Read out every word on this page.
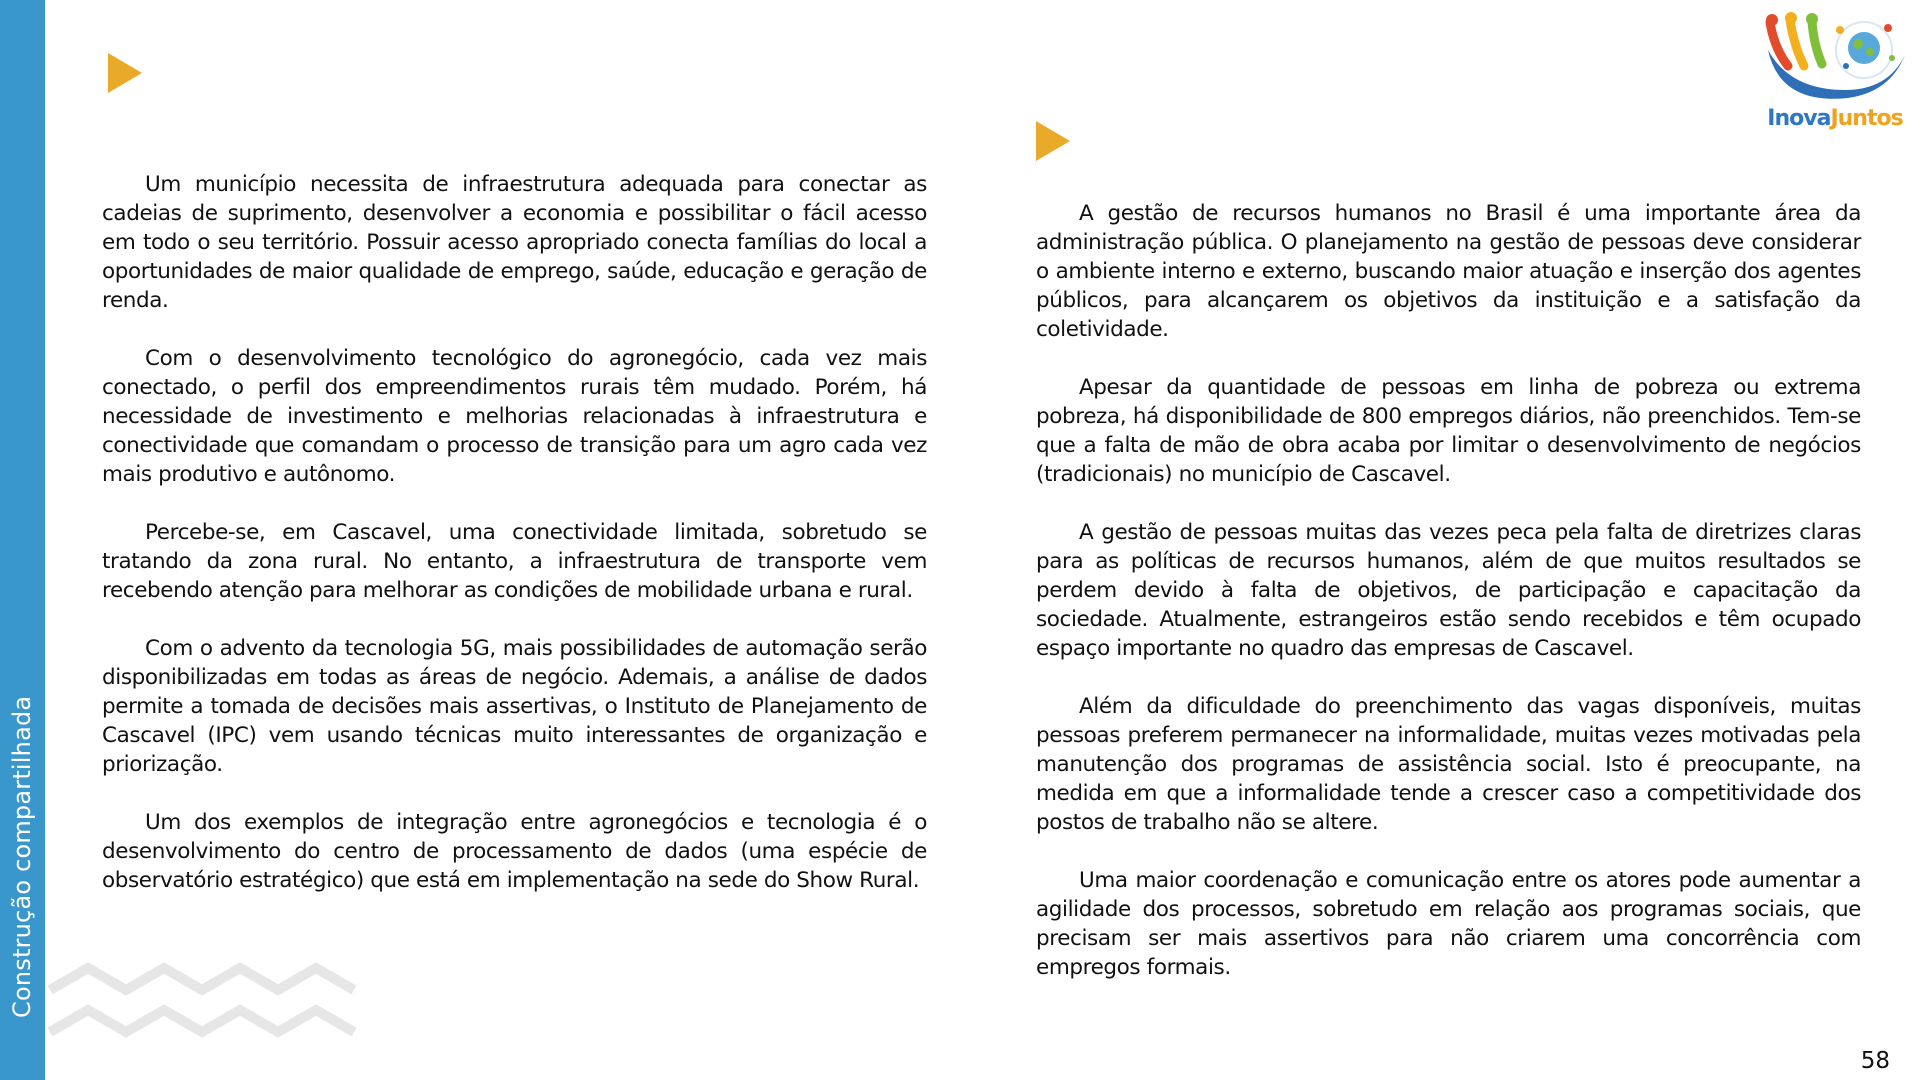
Construção compartilhada
InovaJuntos

Um município necessita de infraestrutura adequada para conectar as cadeias de suprimento, desenvolver a economia e possibilitar o fácil acesso em todo o seu território. Possuir acesso apropriado conecta famílias do local a oportunidades de maior qualidade de emprego, saúde, educação e geração de renda.

Com o desenvolvimento tecnológico do agronegócio, cada vez mais conectado, o perfil dos empreendimentos rurais têm mudado. Porém, há necessidade de investimento e melhorias relacionadas à infraestrutura e conectividade que comandam o processo de transição para um agro cada vez mais produtivo e autônomo.

Percebe-se, em Cascavel, uma conectividade limitada, sobretudo se tratando da zona rural. No entanto, a infraestrutura de transporte vem recebendo atenção para melhorar as condições de mobilidade urbana e rural.

Com o advento da tecnologia 5G, mais possibilidades de automação serão disponibilizadas em todas as áreas de negócio. Ademais, a análise de dados permite a tomada de decisões mais assertivas, o Instituto de Planejamento de Cascavel (IPC) vem usando técnicas muito interessantes de organização e priorização.

Um dos exemplos de integração entre agronegócios e tecnologia é o desenvolvimento do centro de processamento de dados (uma espécie de observatório estratégico) que está em implementação na sede do Show Rural.

A gestão de recursos humanos no Brasil é uma importante área da administração pública. O planejamento na gestão de pessoas deve considerar o ambiente interno e externo, buscando maior atuação e inserção dos agentes públicos, para alcançarem os objetivos da instituição e a satisfação da coletividade.

Apesar da quantidade de pessoas em linha de pobreza ou extrema pobreza, há disponibilidade de 800 empregos diários, não preenchidos. Tem-se que a falta de mão de obra acaba por limitar o desenvolvimento de negócios (tradicionais) no município de Cascavel.

A gestão de pessoas muitas das vezes peca pela falta de diretrizes claras para as políticas de recursos humanos, além de que muitos resultados se perdem devido à falta de objetivos, de participação e capacitação da sociedade. Atualmente, estrangeiros estão sendo recebidos e têm ocupado espaço importante no quadro das empresas de Cascavel.

Além da dificuldade do preenchimento das vagas disponíveis, muitas pessoas preferem permanecer na informalidade, muitas vezes motivadas pela manutenção dos programas de assistência social. Isto é preocupante, na medida em que a informalidade tende a crescer caso a competitividade dos postos de trabalho não se altere.

Uma maior coordenação e comunicação entre os atores pode aumentar a agilidade dos processos, sobretudo em relação aos programas sociais, que precisam ser mais assertivos para não criarem uma concorrência com empregos formais.

58
